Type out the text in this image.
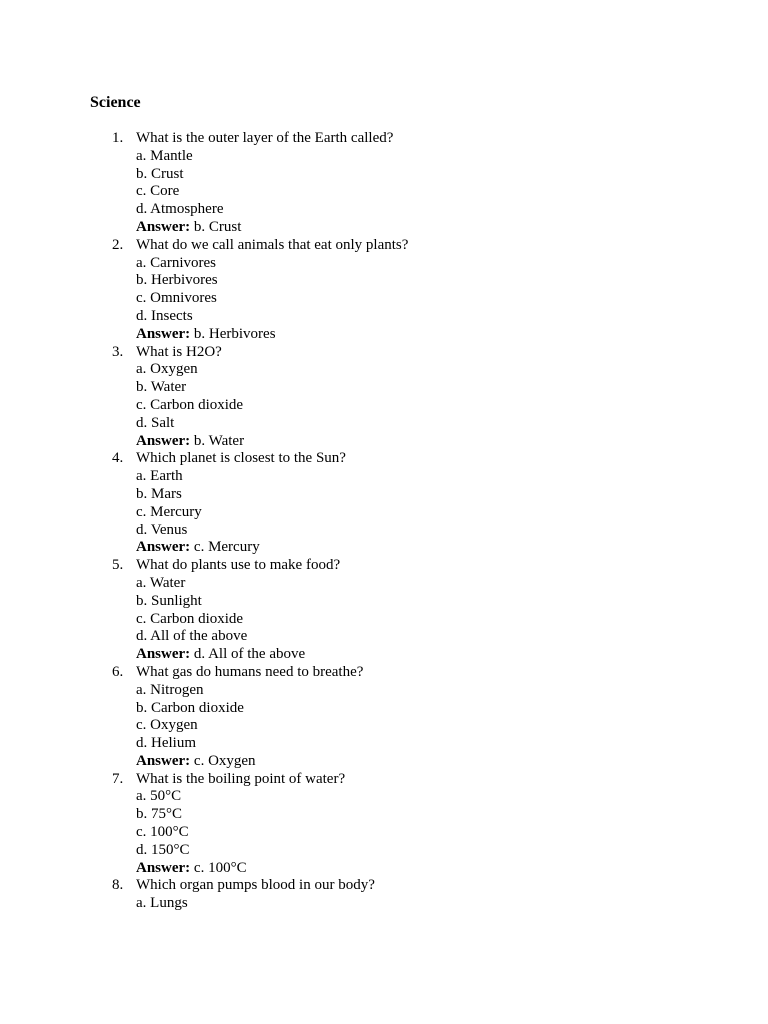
Science
1. What is the outer layer of the Earth called?
a. Mantle
b. Crust
c. Core
d. Atmosphere
Answer: b. Crust
2. What do we call animals that eat only plants?
a. Carnivores
b. Herbivores
c. Omnivores
d. Insects
Answer: b. Herbivores
3. What is H2O?
a. Oxygen
b. Water
c. Carbon dioxide
d. Salt
Answer: b. Water
4. Which planet is closest to the Sun?
a. Earth
b. Mars
c. Mercury
d. Venus
Answer: c. Mercury
5. What do plants use to make food?
a. Water
b. Sunlight
c. Carbon dioxide
d. All of the above
Answer: d. All of the above
6. What gas do humans need to breathe?
a. Nitrogen
b. Carbon dioxide
c. Oxygen
d. Helium
Answer: c. Oxygen
7. What is the boiling point of water?
a. 50°C
b. 75°C
c. 100°C
d. 150°C
Answer: c. 100°C
8. Which organ pumps blood in our body?
a. Lungs
